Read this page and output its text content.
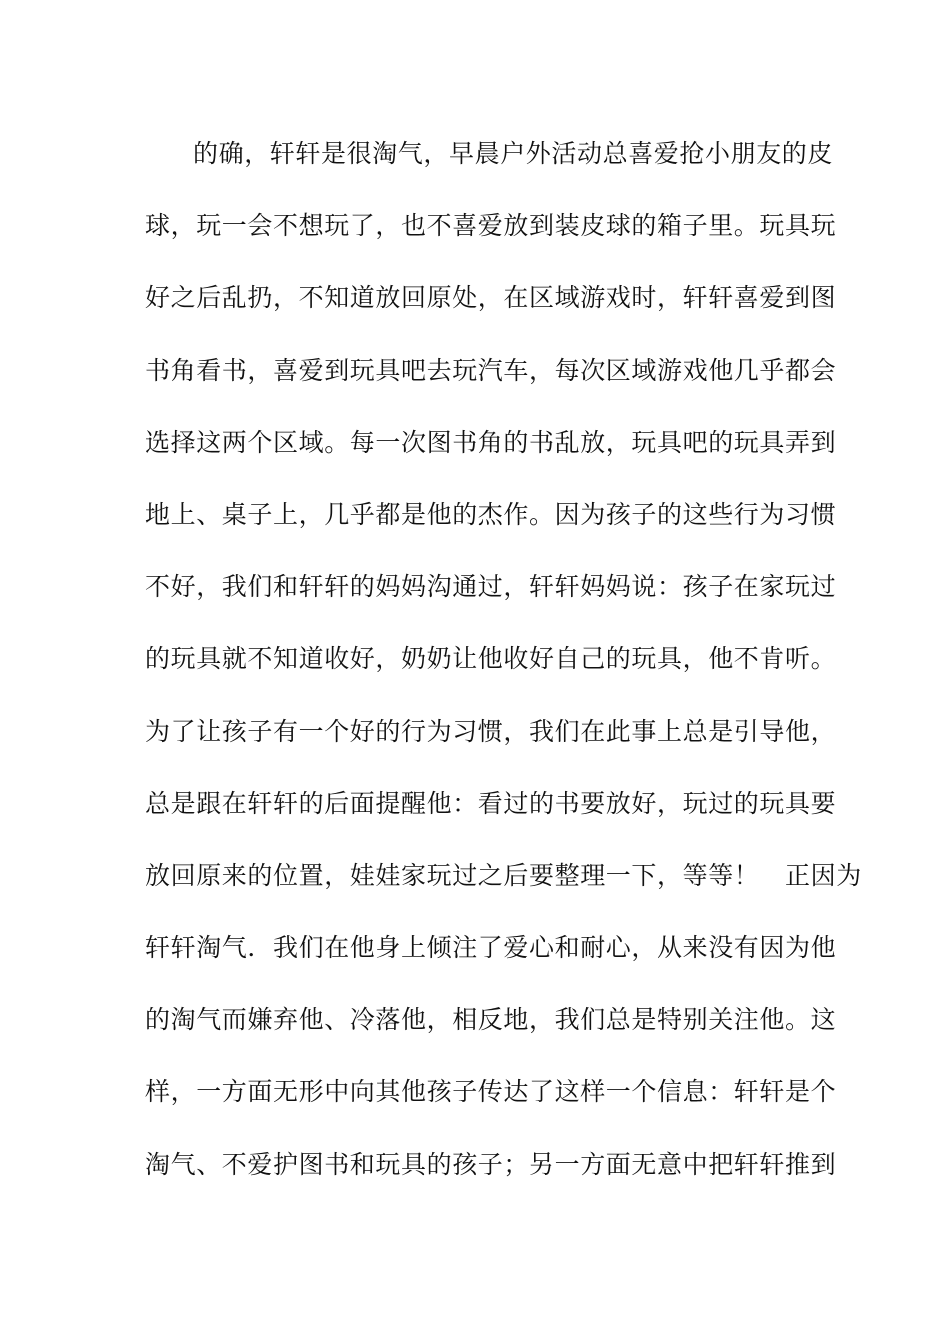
的确，轩轩是很淘气，早晨户外活动总喜爱抢小朋友的皮
球，玩一会不想玩了，也不喜爱放到装皮球的箱子里。玩具玩
好之后乱扔，不知道放回原处，在区域游戏时，轩轩喜爱到图
书角看书，喜爱到玩具吧去玩汽车，每次区域游戏他几乎都会
选择这两个区域。每一次图书角的书乱放，玩具吧的玩具弄到
地上、桌子上，几乎都是他的杰作。因为孩子的这些行为习惯
不好，我们和轩轩的妈妈沟通过，轩轩妈妈说：孩子在家玩过
的玩具就不知道收好，奶奶让他收好自己的玩具，他不肯听。
为了让孩子有一个好的行为习惯，我们在此事上总是引导他，
总是跟在轩轩的后面提醒他：看过的书要放好，玩过的玩具要
放回原来的位置，娃娃家玩过之后要整理一下，等等！　正因为
轩轩淘气．我们在他身上倾注了爱心和耐心，从来没有因为他
的淘气而嫌弃他、冷落他，相反地，我们总是特别关注他。这
样，一方面无形中向其他孩子传达了这样一个信息：轩轩是个
淘气、不爱护图书和玩具的孩子；另一方面无意中把轩轩推到
